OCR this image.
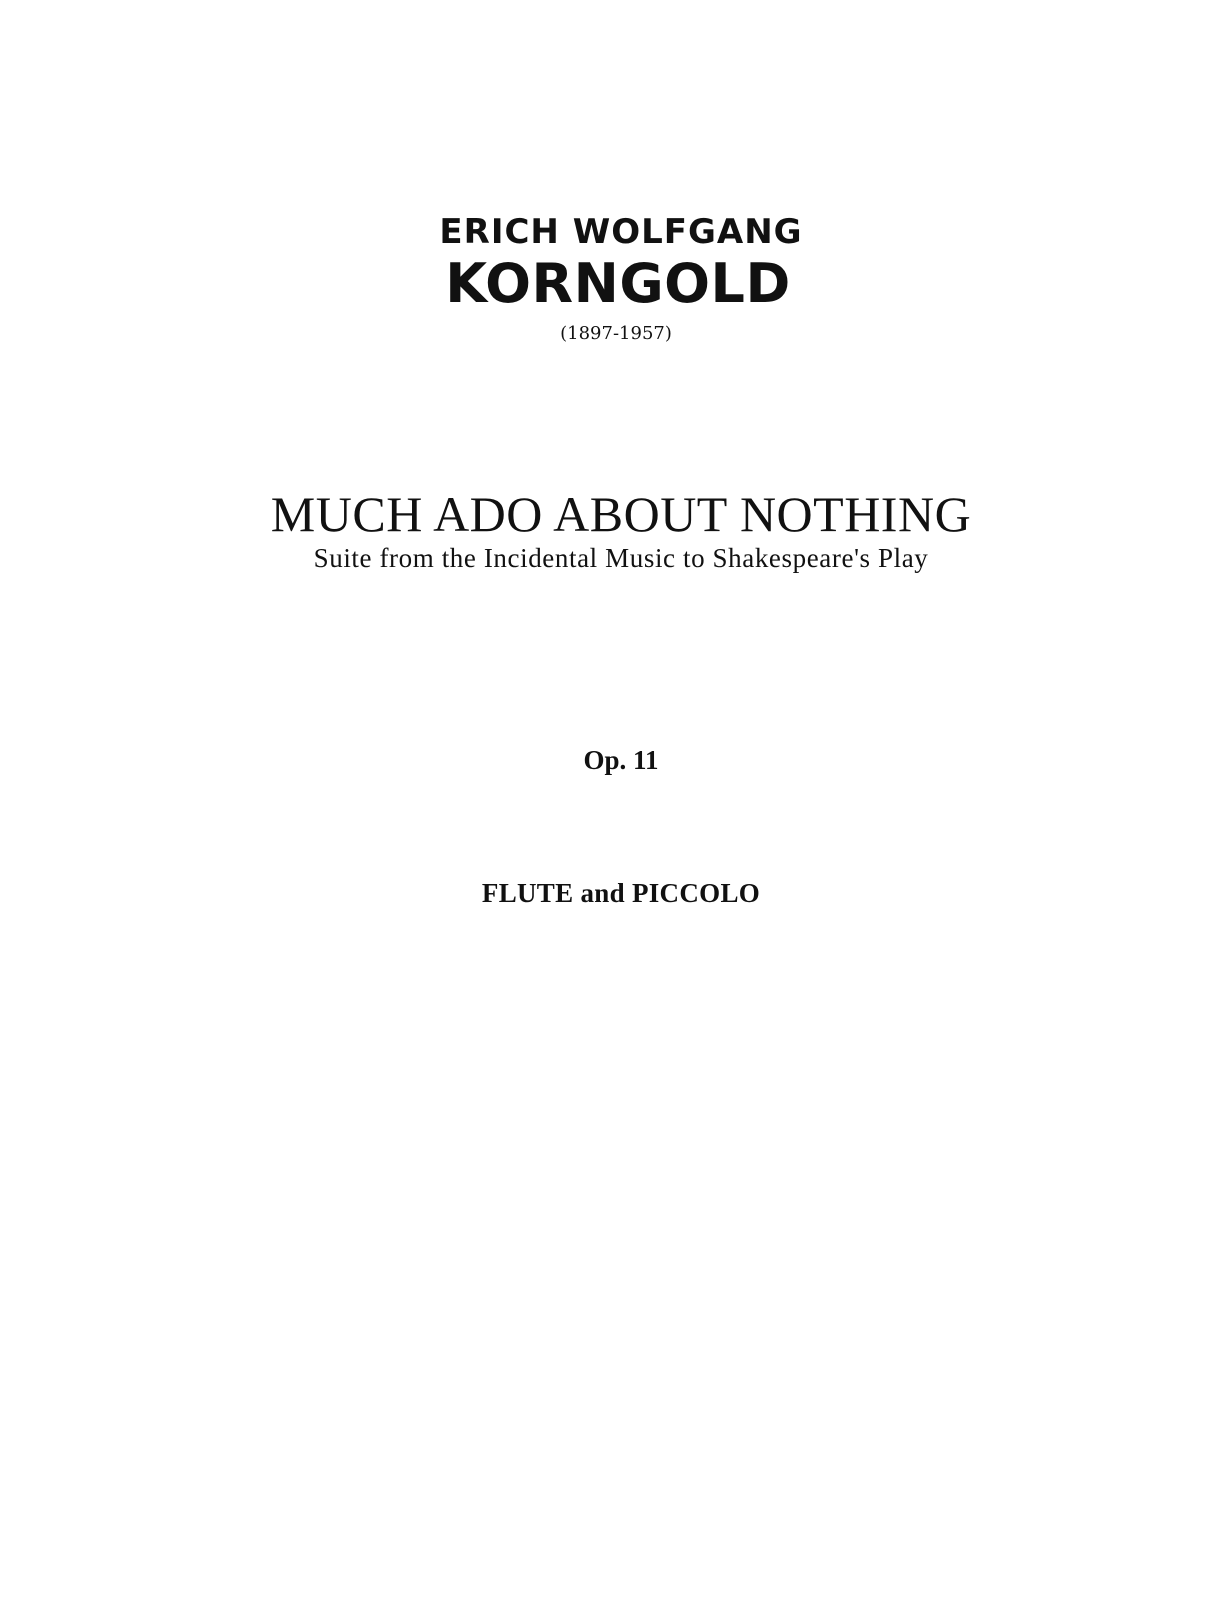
ERICH WOLFGANG
KORNGOLD
(1897-1957)
MUCH ADO ABOUT NOTHING
Suite from the Incidental Music to Shakespeare's Play
Op. 11
FLUTE and PICCOLO
